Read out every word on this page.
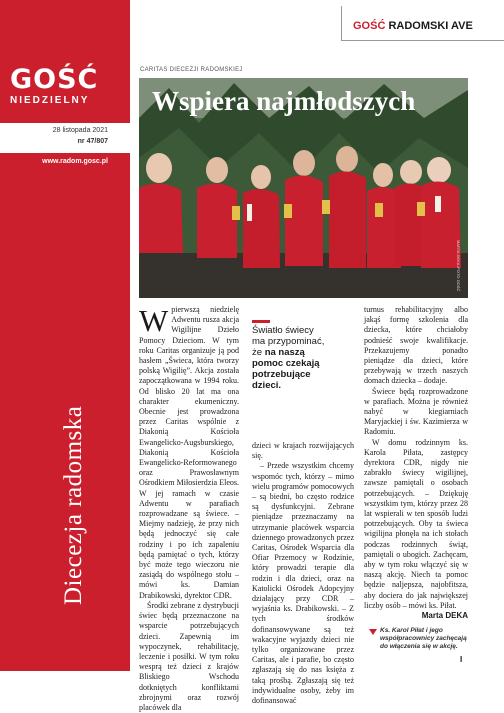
GOŚĆ
NIEDZIELNY
28 listopada 2021
nr 47/807
www.radom.gosc.pl
Diecezja radomska
GOŚĆ RADOMSKI AVE
CARITAS DIECEZJI RADOMSKIEJ
Wspiera najmłodszych
MARTA DEKA /FOTO GOŚĆ

Wpierwszą niedzielę Adwentu rusza akcja Wigilijne Dzieło Pomocy Dzieciom. W tym roku Caritas organizuje ją pod hasłem „Świeca, która tworzy polską Wigilię”. Akcja została zapoczątkowana w 1994 roku. Od blisko 20 lat ma ona charakter ekumeniczny. Obecnie jest prowadzona przez Caritas wspólnie z Diakonią Kościoła Ewangelicko-Augsburskiego, Diakonią Kościoła Ewangelicko-Reformowanego oraz Prawosławnym Ośrodkiem Miłosierdzia Eleos. W jej ramach w czasie Adwentu w parafiach rozprowadzane są świece. – Miejmy nadzieję, że przy nich będą jednoczyć się całe rodziny i po ich zapaleniu będą pamiętać o tych, którzy być może tego wieczoru nie zasiądą do wspólnego stołu – mówi ks. Damian Drabikowski, dyrektor CDR.

Środki zebrane z dystrybucji świec będą przeznaczone na wsparcie potrzebujących dzieci. Zapewnią im wypoczynek, rehabilitację, leczenie i posiłki. W tym roku wesprą też dzieci z krajów Bliskiego Wschodu dotkniętych konfliktami zbrojnymi oraz rozwój placówek dla

Światło świecy
ma przypominać,
że na naszą
pomoc czekają
potrzebujące
dzieci.

dzieci w krajach rozwijających się.

– Przede wszystkim chcemy wspomóc tych, którzy – mimo wielu programów pomocowych – są biedni, bo często rodzice są dysfunkcyjni. Zebrane pieniądze przeznaczamy na utrzymanie placówek wsparcia dziennego prowadzonych przez Caritas, Ośrodek Wsparcia dla Ofiar Przemocy w Rodzinie, który prowadzi terapie dla rodzin i dla dzieci, oraz na Katolicki Ośrodek Adopcyjny działający przy CDR – wyjaśnia ks. Drabikowski. – Z tych środków dofinansowywane są też wakacyjne wyjazdy dzieci nie tylko organizowane przez Caritas, ale i parafie, bo często zgłaszają się do nas księża z taką prośbą. Zgłaszają się też indywidualne osoby, żeby im dofinansować

turnus rehabilitacyjny albo jakąś formę szkolenia dla dziecka, które chciałoby podnieść swoje kwalifikacje. Przekazujemy ponadto pieniądze dla dzieci, które przebywają w trzech naszych domach dziecka – dodaje.

Świece będą rozprowadzone w parafiach. Można je również nabyć w kiegiarniach Maryjackiej i św. Kazimierza w Radomiu.

W domu rodzinnym ks. Karola Piłata, zastępcy dyrektora CDR, nigdy nie zabrakło świecy wigilijnej, zawsze pamiętali o osobach potrzebujących. – Dziękuję wszystkim tym, którzy przez 28 lat wspierali w ten sposób ludzi potrzebujących. Oby ta świeca wigilijna płonęła na ich stołach podczas rodzinnych świąt, pamiętali o ubogich. Zachęcam, aby w tym roku włączyć się w naszą akcję. Niech ta pomoc będzie naljepsza, najobfitsza, aby dociera do jak największej liczby osób – mówi ks. Piłat.

Marta DEKA
Ks. Karol Piłat i jego współpracownicy zachęcają do włączenia się w akcję.
I
